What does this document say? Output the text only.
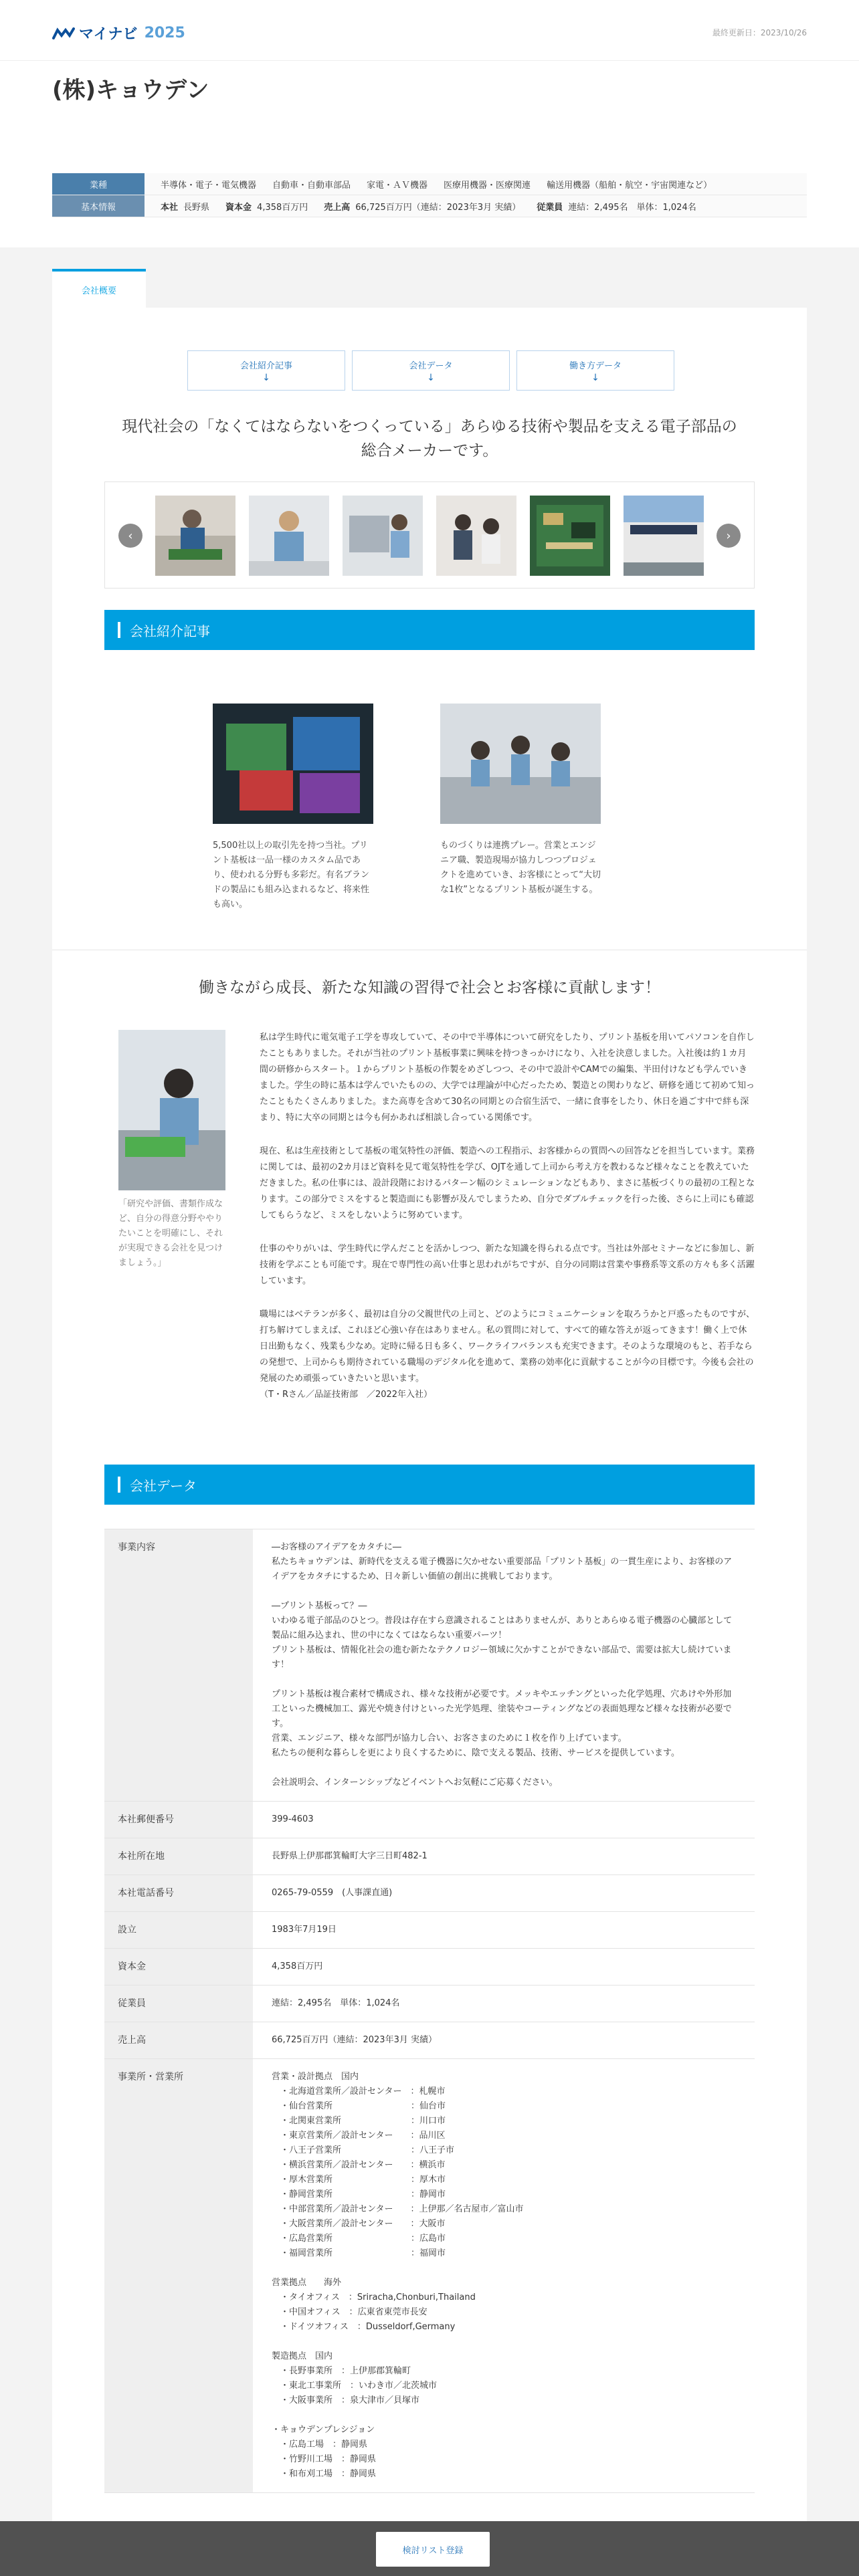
マイナビ 2025	最終更新日：2023/10/26
(株)キョウデン
業種	半導体・電子・電気機器 自動車・自動車部品 家電・ＡＶ機器 医療用機器・医療関連 輸送用機器（船舶・航空・宇宙関連など）
基本情報	本社 長野県 資本金 4,358百万円 売上高 66,725百万円（連結：2023年3月 実績） 従業員 連結：2,495名　単体：1,024名
会社概要
会社紹介記事
↓
会社データ
↓
働き方データ
↓
現代社会の「なくてはならないをつくっている」あらゆる技術や製品を支える電子部品の
総合メーカーです。
‹	›
会社紹介記事

5,500社以上の取引先を持つ当社。プリント基板は一品一様のカスタム品であり、使われる分野も多彩だ。有名ブランドの製品にも組み込まれるなど、将来性も高い。

ものづくりは連携プレー。営業とエンジニア職、製造現場が協力しつつプロジェクトを進めていき、お客様にとって“大切な1枚”となるプリント基板が誕生する。

働きながら成長、新たな知識の習得で社会とお客様に貢献します！
「研究や評価、書類作成など、自分の得意分野ややりたいことを明確にし、それが実現できる会社を見つけましょう。」

私は学生時代に電気電子工学を専攻していて、その中で半導体について研究をしたり、プリント基板を用いてパソコンを自作したこともありました。それが当社のプリント基板事業に興味を持つきっかけになり、入社を決意しました。入社後は約１カ月間の研修からスタート。１からプリント基板の作製をめざしつつ、その中で設計やCAMでの編集、半田付けなども学んでいきました。学生の時に基本は学んでいたものの、大学では理論が中心だったため、製造との関わりなど、研修を通じて初めて知ったこともたくさんありました。また高専を含めて30名の同期との合宿生活で、一緒に食事をしたり、休日を過ごす中で絆も深まり、特に大卒の同期とは今も何かあれば相談し合っている関係です。

現在、私は生産技術として基板の電気特性の評価、製造への工程指示、お客様からの質問への回答などを担当しています。業務に関しては、最初の2カ月ほど資料を見て電気特性を学び、OJTを通して上司から考え方を教わるなど様々なことを教えていただきました。私の仕事には、設計段階におけるパターン幅のシミュレーションなどもあり、まさに基板づくりの最初の工程となります。この部分でミスをすると製造面にも影響が及んでしまうため、自分でダブルチェックを行った後、さらに上司にも確認してもらうなど、ミスをしないように努めています。

仕事のやりがいは、学生時代に学んだことを活かしつつ、新たな知識を得られる点です。当社は外部セミナーなどに参加し、新技術を学ぶことも可能です。現在で専門性の高い仕事と思われがちですが、自分の同期は営業や事務系等文系の方々も多く活躍しています。

職場にはベテランが多く、最初は自分の父親世代の上司と、どのようにコミュニケーションを取ろうかと戸惑ったものですが、打ち解けてしまえば、これほど心強い存在はありません。私の質問に対して、すべて的確な答えが返ってきます！働く上で休日出勤もなく、残業も少なめ。定時に帰る日も多く、ワークライフバランスも充実できます。そのような環境のもと、若手ならの発想で、上司からも期待されている職場のデジタル化を進めて、業務の効率化に貢献することが今の目標です。今後も会社の発展のため頑張っていきたいと思います。
（T・Rさん／品証技術部　／2022年入社）

会社データ
事業内容	―お客様のアイデアをカタチに―
私たちキョウデンは、新時代を支える電子機器に欠かせない重要部品「プリント基板」の一貫生産により、お客様のアイデアをカタチにするため、日々新しい価値の創出に挑戦しております。

―プリント基板って？―
いわゆる電子部品のひとつ。普段は存在すら意識されることはありませんが、ありとあらゆる電子機器の心臓部として製品に組み込まれ、世の中になくてはならない重要パーツ！
プリント基板は、情報化社会の進む新たなテクノロジー領域に欠かすことができない部品で、需要は拡大し続けています！

プリント基板は複合素材で構成され、様々な技術が必要です。メッキやエッチングといった化学処理、穴あけや外形加工といった機械加工、露光や焼き付けといった光学処理、塗装やコーティングなどの表面処理など様々な技術が必要です。
営業、エンジニア、様々な部門が協力し合い、お客さまのために１枚を作り上げています。
私たちの便利な暮らしを更により良くするために、陰で支える製品、技術、サービスを提供しています。

会社説明会、インターンシップなどイベントへお気軽にご応募ください。
本社郵便番号	399-4603
本社所在地	長野県上伊那郡箕輪町大字三日町482-1
本社電話番号	0265-79-0559　(人事課直通)
設立	1983年7月19日
資本金	4,358百万円
従業員	連結：2,495名　単体：1,024名
売上高	66,725百万円（連結：2023年3月 実績）
事業所・営業所	営業・設計拠点　国内
　・北海道営業所／設計センター　：札幌市
　・仙台営業所　　　　　　　　　：仙台市
　・北関東営業所　　　　　　　　：川口市
　・東京営業所／設計センター　　：品川区
　・八王子営業所　　　　　　　　：八王子市
　・横浜営業所／設計センター　　：横浜市
　・厚木営業所　　　　　　　　　：厚木市
　・静岡営業所　　　　　　　　　：静岡市
　・中部営業所／設計センター　　：上伊那／名古屋市／富山市
　・大阪営業所／設計センター　　：大阪市
　・広島営業所　　　　　　　　　：広島市
　・福岡営業所　　　　　　　　　：福岡市

営業拠点　　海外
　・タイオフィス　：Sriracha,Chonburi,Thailand
　・中国オフィス　：広東省東莞市長安
　・ドイツオフィス　：Dusseldorf,Germany

製造拠点　国内
　・長野事業所　：上伊那郡箕輪町
　・東北工事業所　：いわき市／北茨城市
　・大阪事業所　：泉大津市／貝塚市

・キョウデンプレシジョン
　・広島工場　：静岡県
　・竹野川工場　：静岡県
　・和布刈工場　：静岡県
検討リスト登録
